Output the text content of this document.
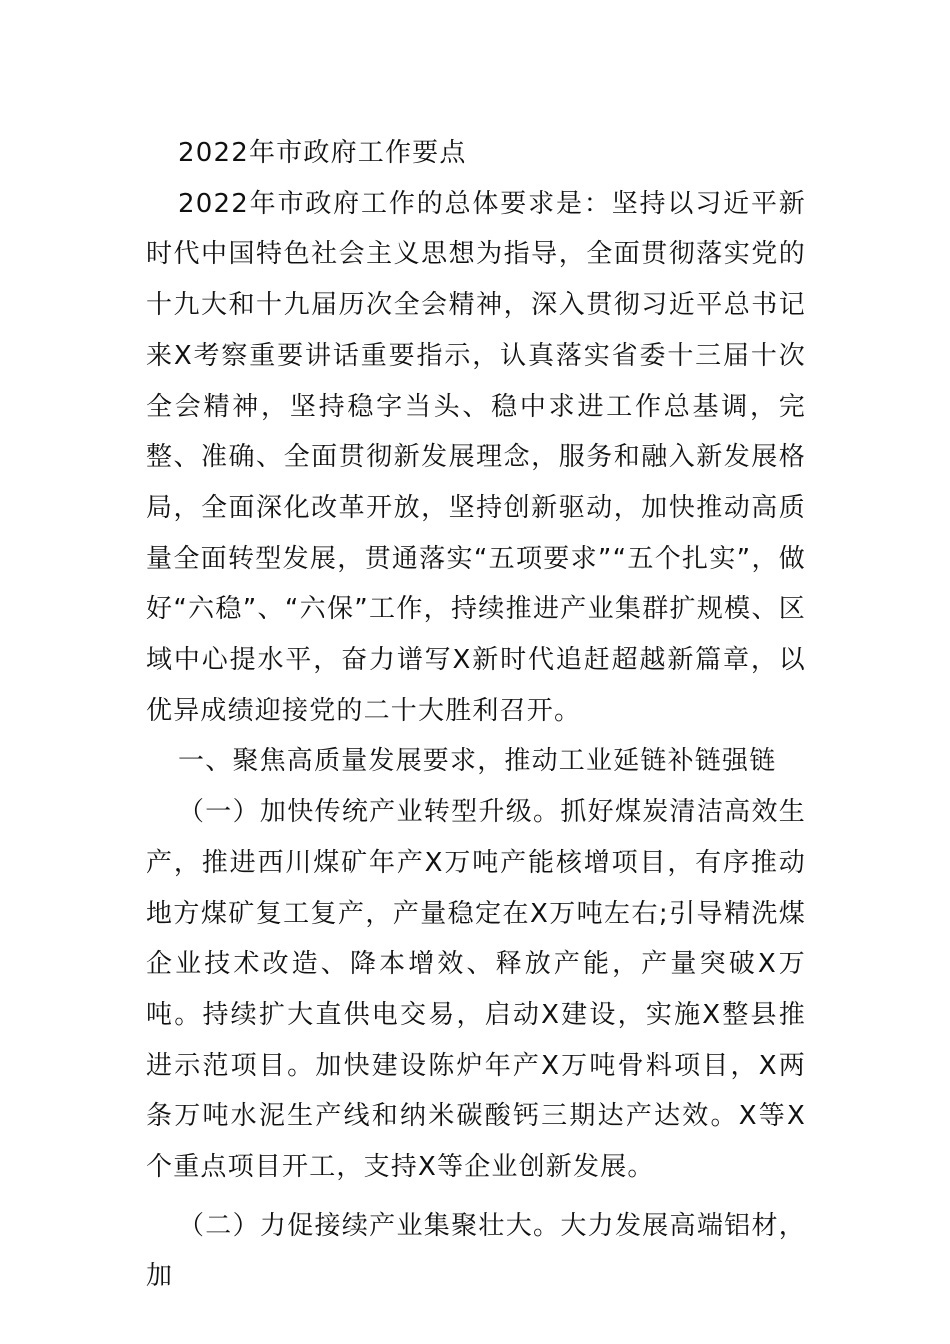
2022年市政府工作要点

2022年市政府工作的总体要求是：坚持以习近平新时代中国特色社会主义思想为指导，全面贯彻落实党的十九大和十九届历次全会精神，深入贯彻习近平总书记来X考察重要讲话重要指示，认真落实省委十三届十次全会精神，坚持稳字当头、稳中求进工作总基调，完整、准确、全面贯彻新发展理念，服务和融入新发展格局，全面深化改革开放，坚持创新驱动，加快推动高质量全面转型发展，贯通落实“五项要求”“五个扎实”，做好“六稳”、“六保”工作，持续推进产业集群扩规模、区域中心提水平，奋力谱写X新时代追赶超越新篇章，以优异成绩迎接党的二十大胜利召开。

一、聚焦高质量发展要求，推动工业延链补链强链

（一）加快传统产业转型升级。抓好煤炭清洁高效生产，推进西川煤矿年产X万吨产能核增项目，有序推动地方煤矿复工复产，产量稳定在X万吨左右;引导精洗煤企业技术改造、降本增效、释放产能，产量突破X万吨。持续扩大直供电交易，启动X建设，实施X整县推进示范项目。加快建设陈炉年产X万吨骨料项目，X两条万吨水泥生产线和纳米碳酸钙三期达产达效。X等X个重点项目开工，支持X等企业创新发展。

（二）力促接续产业集聚壮大。大力发展高端铝材，加
